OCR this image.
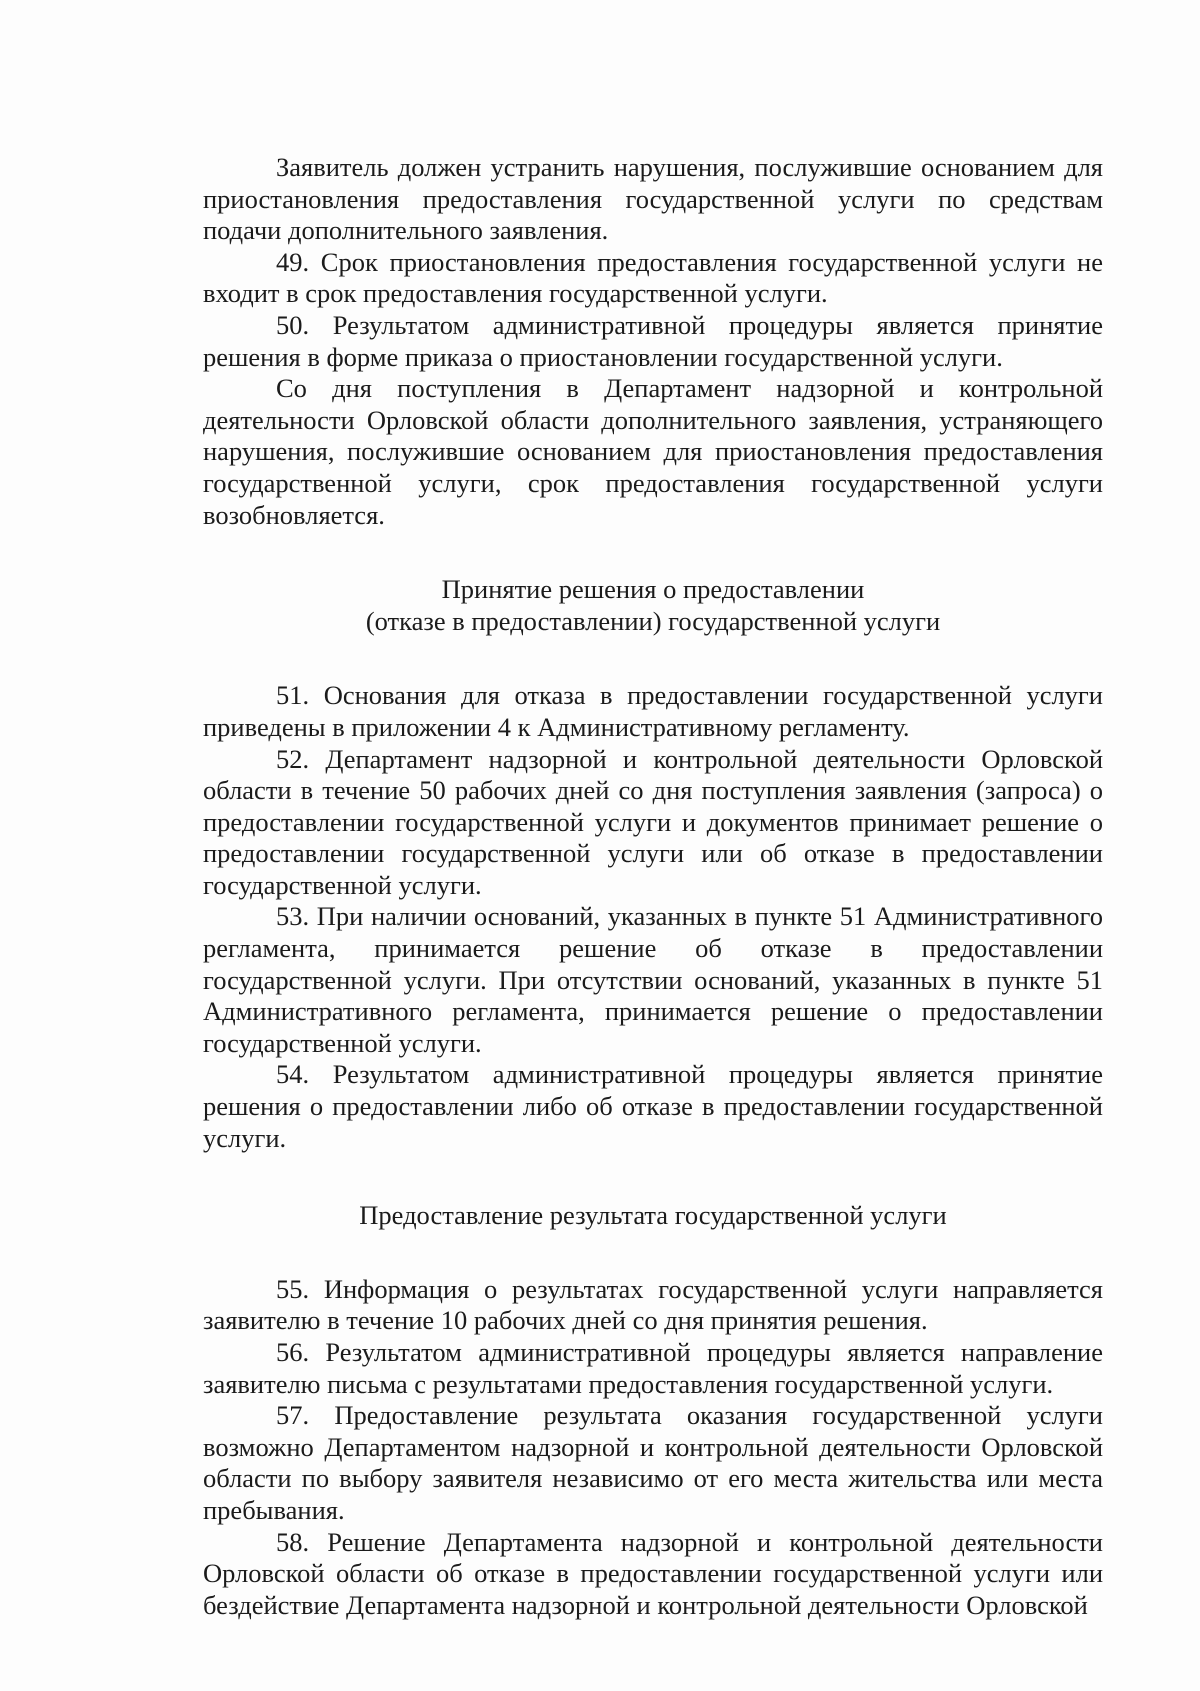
Заявитель должен устранить нарушения, послужившие основанием для приостановления предоставления государственной услуги по средствам подачи дополнительного заявления.

49. Срок приостановления предоставления государственной услуги не входит в срок предоставления государственной услуги.

50. Результатом административной процедуры является принятие решения в форме приказа о приостановлении государственной услуги.

Со дня поступления в Департамент надзорной и контрольной деятельности Орловской области дополнительного заявления, устраняющего нарушения, послужившие основанием для приостановления предоставления государственной услуги, срок предоставления государственной услуги возобновляется.

Принятие решения о предоставлении
(отказе в предоставлении) государственной услуги

51. Основания для отказа в предоставлении государственной услуги приведены в приложении 4 к Административному регламенту.

52. Департамент надзорной и контрольной деятельности Орловской области в течение 50 рабочих дней со дня поступления заявления (запроса) о предоставлении государственной услуги и документов принимает решение о предоставлении государственной услуги или об отказе в предоставлении государственной услуги.

53. При наличии оснований, указанных в пункте 51 Административного регламента, принимается решение об отказе в предоставлении государственной услуги. При отсутствии оснований, указанных в пункте 51 Административного регламента, принимается решение о предоставлении государственной услуги.

54. Результатом административной процедуры является принятие решения о предоставлении либо об отказе в предоставлении государственной услуги.

Предоставление результата государственной услуги

55. Информация о результатах государственной услуги направляется заявителю в течение 10 рабочих дней со дня принятия решения.

56. Результатом административной процедуры является направление заявителю письма с результатами предоставления государственной услуги.

57. Предоставление результата оказания государственной услуги возможно Департаментом надзорной и контрольной деятельности Орловской области по выбору заявителя независимо от его места жительства или места пребывания.

58. Решение Департамента надзорной и контрольной деятельности Орловской области об отказе в предоставлении государственной услуги или бездействие Департамента надзорной и контрольной деятельности Орловской
